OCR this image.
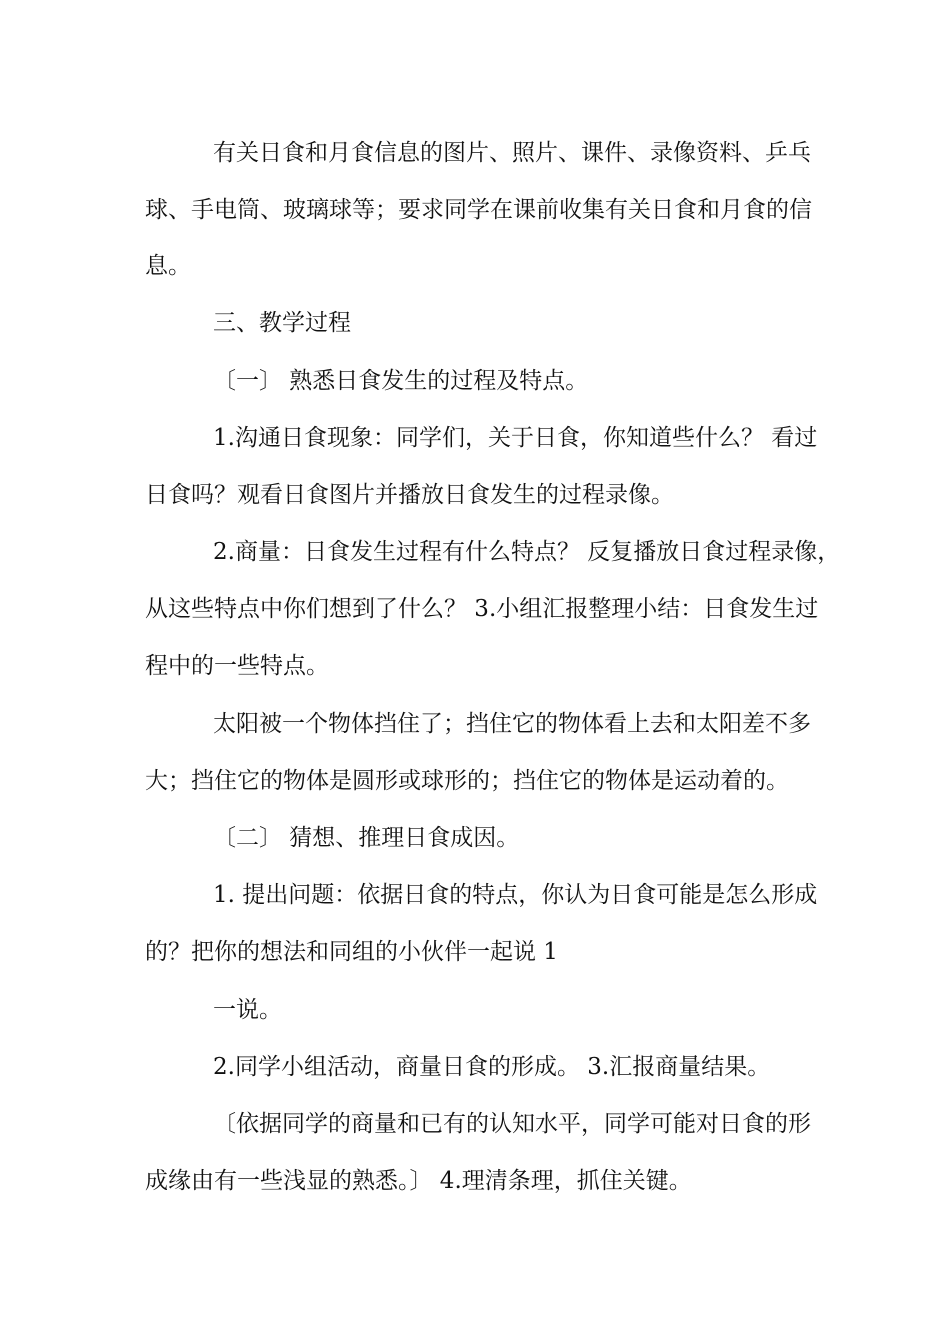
有关日食和月食信息的图片、照片、课件、录像资料、乒乓
球、手电筒、玻璃球等；要求同学在课前收集有关日食和月食的信
息。
三、教学过程
〔一〕 熟悉日食发生的过程及特点。
1.沟通日食现象：同学们，关于日食，你知道些什么？ 看过
日食吗？观看日食图片并播放日食发生的过程录像。
2.商量：日食发生过程有什么特点？ 反复播放日食过程录像，
从这些特点中你们想到了什么？ 3.小组汇报整理小结：日食发生过
程中的一些特点。
太阳被一个物体挡住了；挡住它的物体看上去和太阳差不多
大；挡住它的物体是圆形或球形的；挡住它的物体是运动着的。
〔二〕 猜想、推理日食成因。
1. 提出问题：依据日食的特点，你认为日食可能是怎么形成
的？把你的想法和同组的小伙伴一起说 1
一说。
2.同学小组活动，商量日食的形成。 3.汇报商量结果。
〔依据同学的商量和已有的认知水平，同学可能对日食的形
成缘由有一些浅显的熟悉。〕 4.理清条理，抓住关键。
